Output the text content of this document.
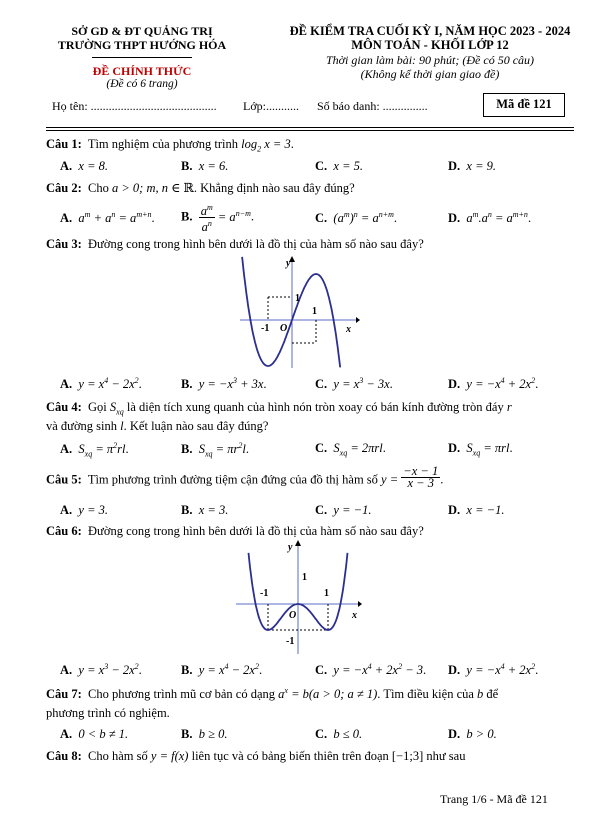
SỞ GD & ĐT QUẢNG TRỊ
TRƯỜNG THPT HƯỚNG HÓA
ĐỀ CHÍNH THỨC
(Đề có 6 trang)
ĐỀ KIỂM TRA CUỐI KỲ I, NĂM HỌC 2023 - 2024
MÔN TOÁN - KHỐI LỚP 12
Thời gian làm bài: 90 phút; (Đề có 50 câu)
(Không kể thời gian giao đề)
Họ tên: .......................................... Lớp:........... Số báo danh: ...............	Mã đề 121
Câu 1: Tìm nghiệm của phương trình $\log_2 x = 3$.
A. x = 8.	B. x = 6.	C. x = 5.	D. x = 9.
Câu 2: Cho a > 0; m, n ∈ ℝ. Khẳng định nào sau đây đúng?
A. $a^m + a^n = a^{m+n}$. B. $\frac{a^m}{a^n} = a^{n-m}$.	C. $(a^m)^n = a^{n+m}$.	D. $a^m.a^n = a^{m+n}$.
Câu 3: Đường cong trong hình bên dưới là đồ thị của hàm số nào sau đây?
y
x
1
1
-1 O
A. $y = x^4 - 2x^2$.	B. $y = -x^3 + 3x$.	C. $y = x^3 - 3x$.	D. $y = -x^4 + 2x^2$.
Câu 4: Gọi $S_{xq}$ là diện tích xung quanh của hình nón tròn xoay có bán kính đường tròn đáy r
và đường sinh l. Kết luận nào sau đây đúng?
A. $S_{xq} = \pi^2rl$.	B. $S_{xq} = \pi r^2l$.	C. $S_{xq} = 2\pi rl$.	D. $S_{xq} = \pi rl$.
Câu 5: Tìm phương trình đường tiệm cận đứng của đồ thị hàm số $y = \frac{-x - 1}{x - 3}$ .
A. y = 3.	B. x = 3.	C. y = −1.	D. x = −1.
Câu 6: Đường cong trong hình bên dưới là đồ thị của hàm số nào sau đây?
y
x
1
1
-1
O
-1
A. $y = x^3 - 2x^2$.	B. $y = x^4 - 2x^2$.	C. $y = -x^4 + 2x^2 - 3$. D. $y = -x^4 + 2x^2$.
Câu 7: Cho phương trình mũ cơ bản có dạng $a^x = b(a > 0$; a ≠ 1). Tìm điều kiện của b để
phương trình có nghiệm.
A. 0 < b ≠ 1.	B. b ≥ 0.	C. b ≤ 0.	D. b > 0.
Câu 8: Cho hàm số y = f(x) liên tục và có bảng biến thiên trên đoạn [−1;3] như sau
Trang 1/6 - Mã đề 121
